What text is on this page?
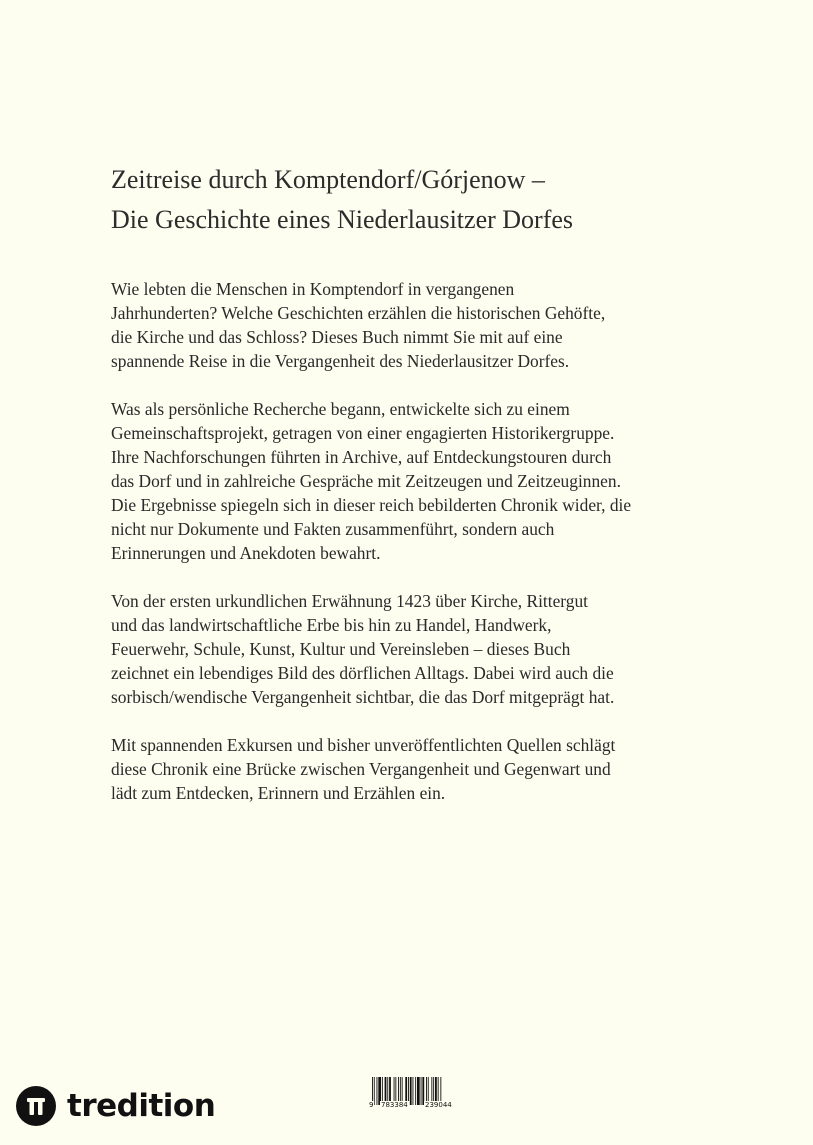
Zeitreise durch Komptendorf/Górjenow –
Die Geschichte eines Niederlausitzer Dorfes
Wie lebten die Menschen in Komptendorf in vergangenen
Jahrhunderten? Welche Geschichten erzählen die historischen Gehöfte,
die Kirche und das Schloss? Dieses Buch nimmt Sie mit auf eine
spannende Reise in die Vergangenheit des Niederlausitzer Dorfes.
Was als persönliche Recherche begann, entwickelte sich zu einem
Gemeinschaftsprojekt, getragen von einer engagierten Historikergruppe.
Ihre Nachforschungen führten in Archive, auf Entdeckungstouren durch
das Dorf und in zahlreiche Gespräche mit Zeitzeugen und Zeitzeuginnen.
Die Ergebnisse spiegeln sich in dieser reich bebilderten Chronik wider, die
nicht nur Dokumente und Fakten zusammenführt, sondern auch
Erinnerungen und Anekdoten bewahrt.
Von der ersten urkundlichen Erwähnung 1423 über Kirche, Rittergut
und das landwirtschaftliche Erbe bis hin zu Handel, Handwerk,
Feuerwehr, Schule, Kunst, Kultur und Vereinsleben – dieses Buch
zeichnet ein lebendiges Bild des dörflichen Alltags. Dabei wird auch die
sorbisch/wendische Vergangenheit sichtbar, die das Dorf mitgeprägt hat.
Mit spannenden Exkursen und bisher unveröffentlichten Quellen schlägt
diese Chronik eine Brücke zwischen Vergangenheit und Gegenwart und
lädt zum Entdecken, Erinnern und Erzählen ein.
tredition	9 783384 239044
